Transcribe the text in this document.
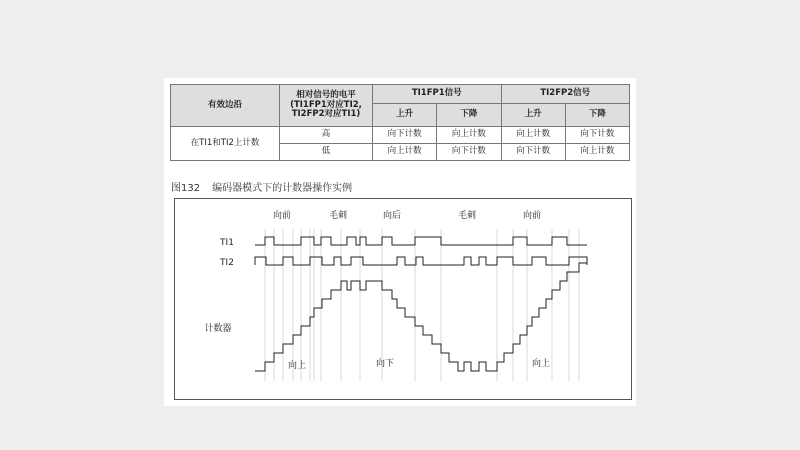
有效边沿	相对信号的电平
(TI1FP1对应TI2,
TI2FP2对应TI1)	TI1FP1信号		TI2FP2信号	
		上升	下降	上升	下降
在TI1和TI2上计数	高	向下计数	向上计数	向上计数	向下计数
	低	向上计数	向下计数	向下计数	向上计数
图132 编码器模式下的计数器操作实例
向前	毛刺	向后	毛刺	向前
TI1
TI2
计数器
向上	向下	向上
